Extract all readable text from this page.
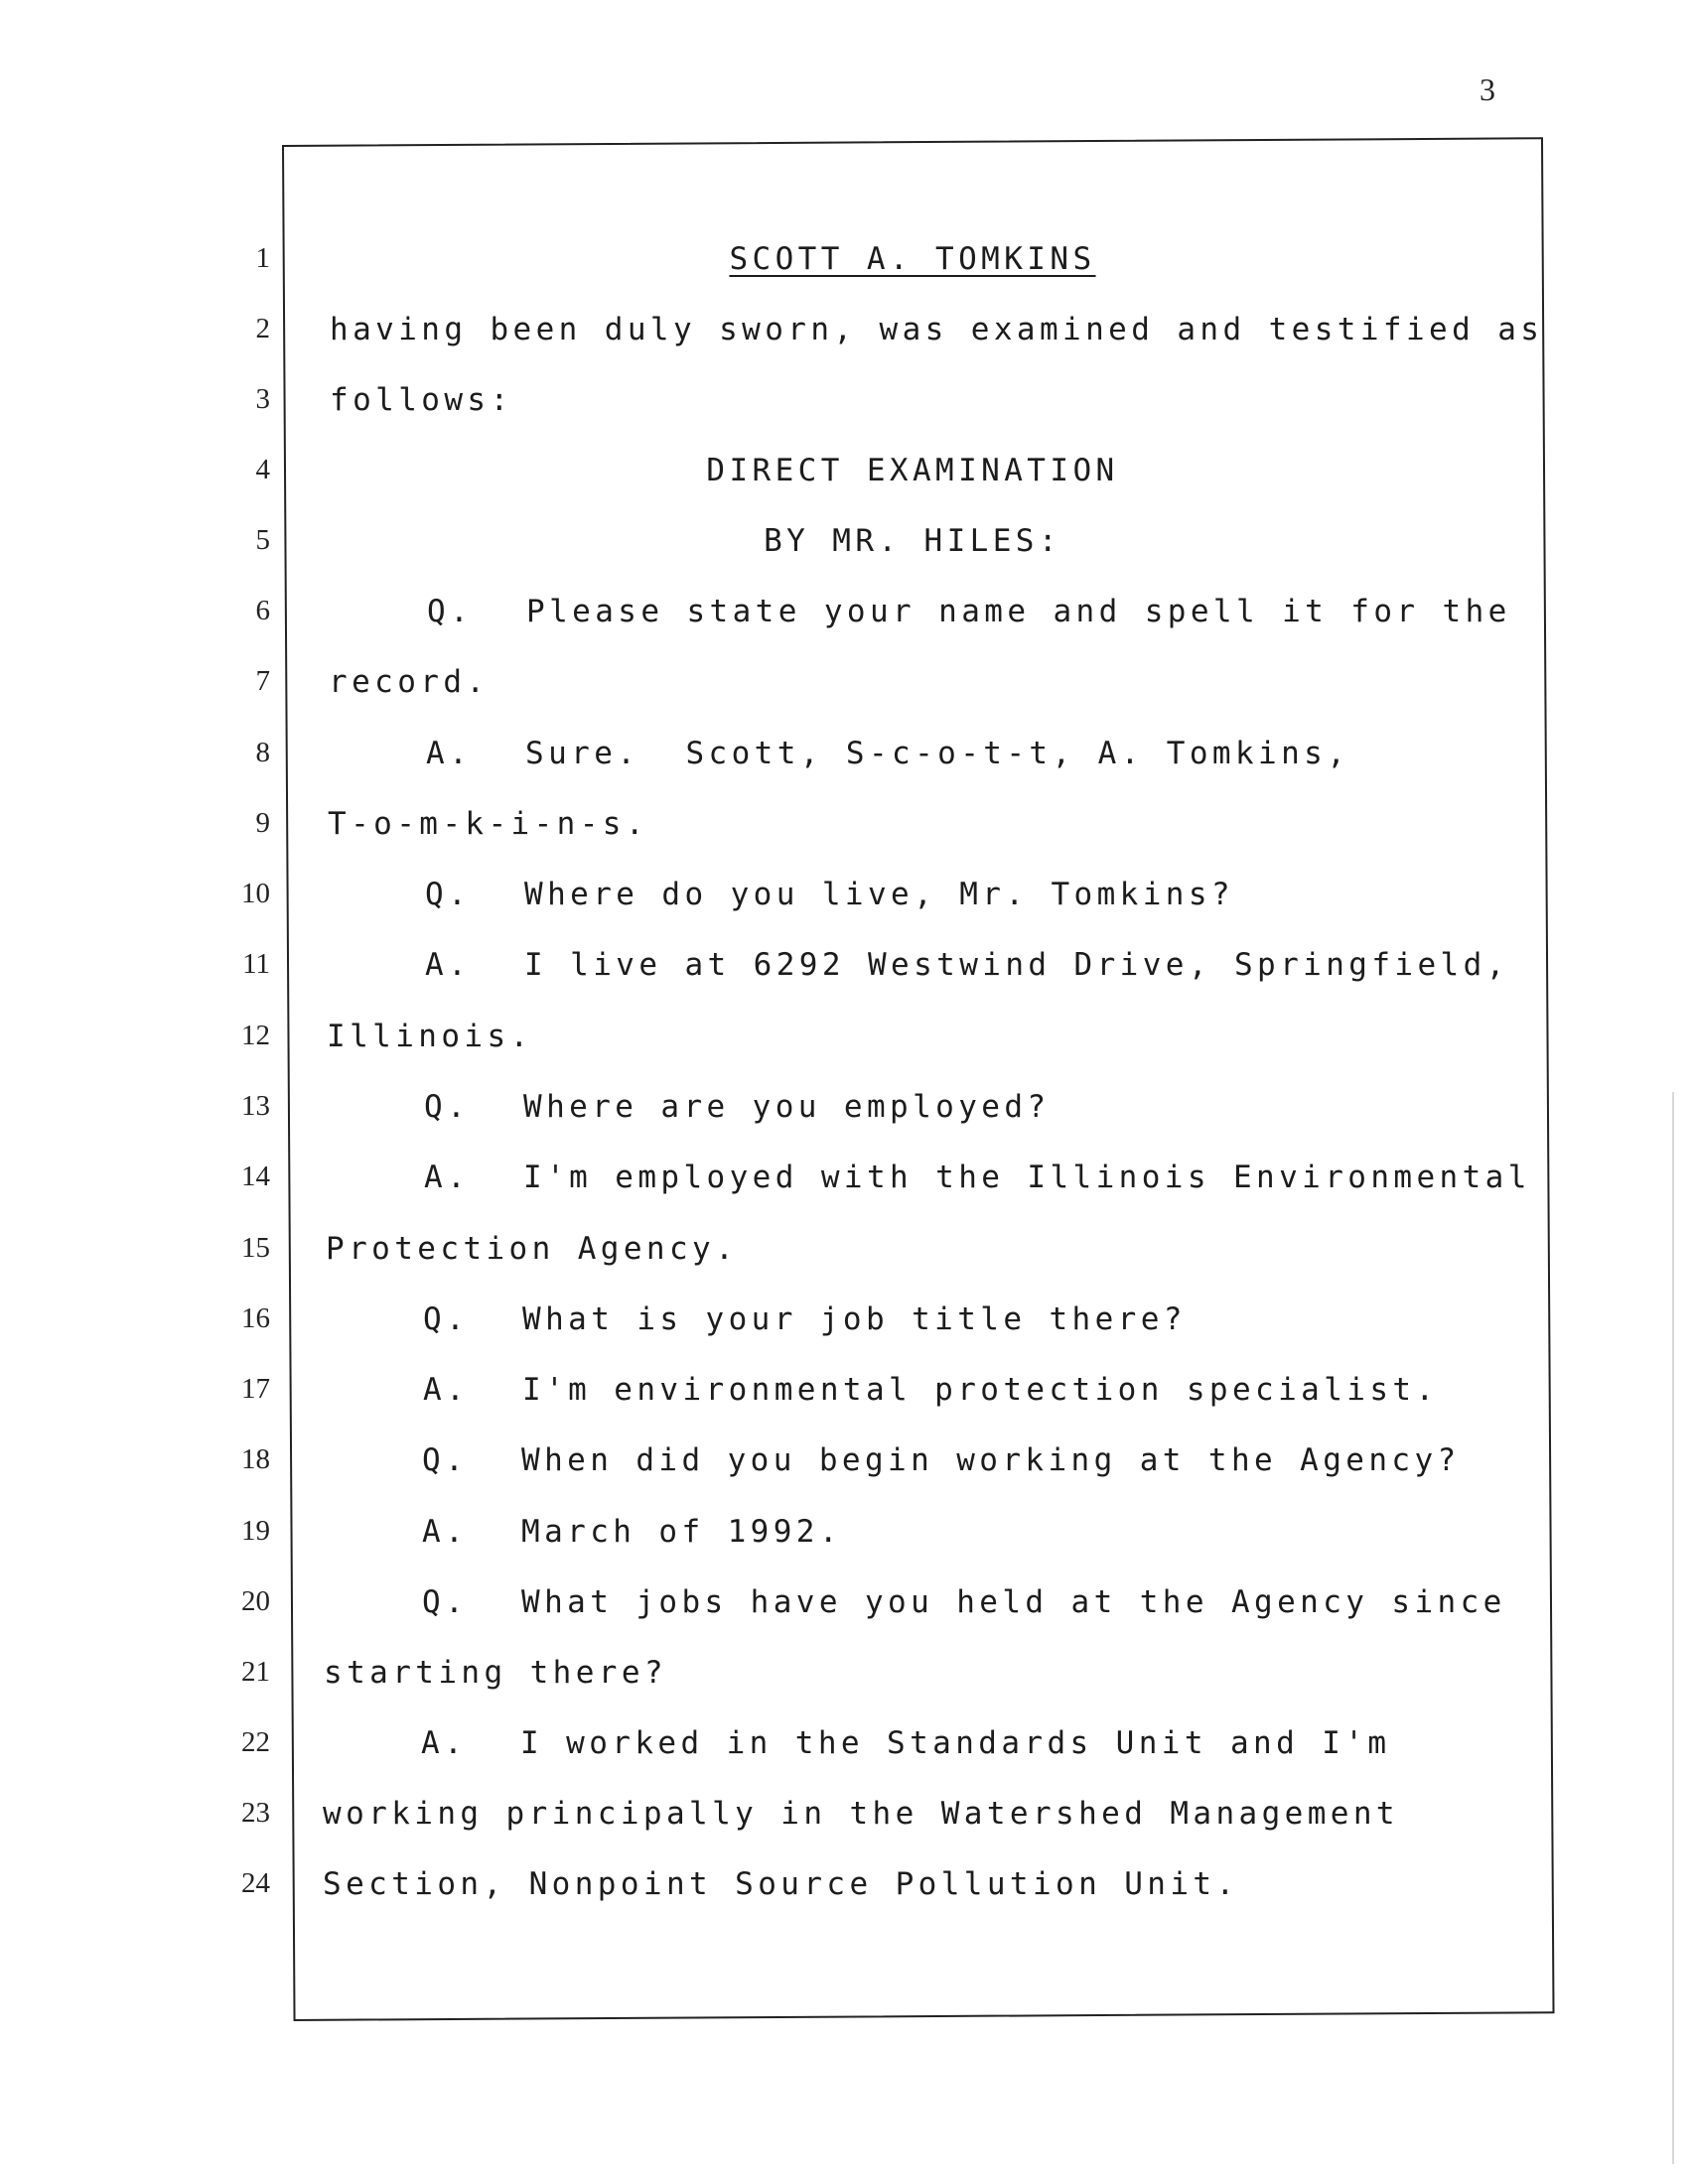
3
1
2
3
4
5
6
7
8
9
10
11
12
13
14
15
16
17
18
19
20
21
22
23
24
SCOTT A. TOMKINS
having been duly sworn, was examined and testified as
follows:
DIRECT EXAMINATION
BY MR. HILES:
Q. Please state your name and spell it for the
record.
A. Sure.  Scott, S-c-o-t-t, A. Tomkins,
T-o-m-k-i-n-s.
Q. Where do you live, Mr. Tomkins?
A. I live at 6292 Westwind Drive, Springfield,
Illinois.
Q. Where are you employed?
A. I'm employed with the Illinois Environmental
Protection Agency.
Q. What is your job title there?
A. I'm environmental protection specialist.
Q. When did you begin working at the Agency?
A. March of 1992.
Q. What jobs have you held at the Agency since
starting there?
A. I worked in the Standards Unit and I'm
working principally in the Watershed Management
Section, Nonpoint Source Pollution Unit.
